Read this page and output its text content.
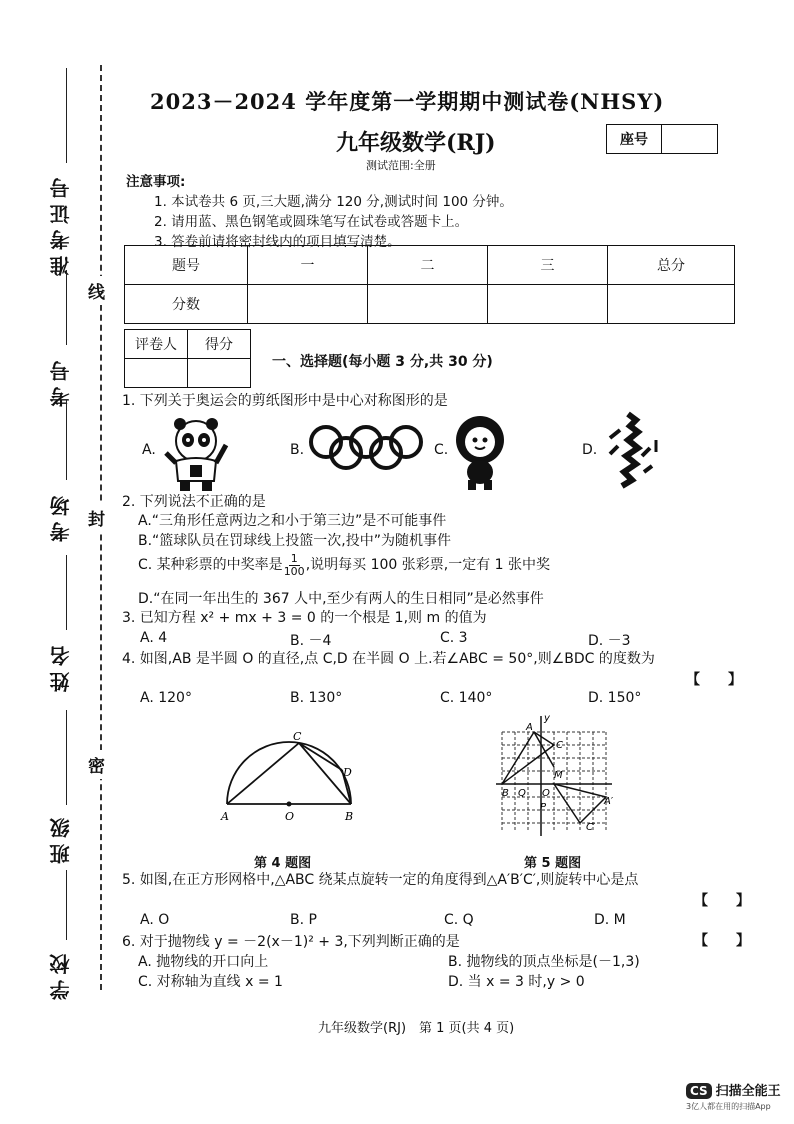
准考证号
考号
考场
姓名
班级
学校
线
封
密
2023－2024 学年度第一学期期中测试卷(NHSY)
九年级数学(RJ)
测试范围:全册
座号
注意事项:
1. 本试卷共 6 页,三大题,满分 120 分,测试时间 100 分钟。
2. 请用蓝、黑色钢笔或圆珠笔写在试卷或答题卡上。
3. 答卷前请将密封线内的项目填写清楚。
题号	一	二	三	总分
分数				
评卷人	得分

一、选择题(每小题 3 分,共 30 分)
1. 下列关于奥运会的剪纸图形中是中心对称图形的是
A.	B.	C.	D.
2. 下列说法不正确的是
A.“三角形任意两边之和小于第三边”是不可能事件
B.“篮球队员在罚球线上投篮一次,投中”为随机事件
C. 某种彩票的中奖率是 $\frac{1}{100}$ ,说明每买 100 张彩票,一定有 1 张中奖
D.“在同一年出生的 367 人中,至少有两人的生日相同”是必然事件
3. 已知方程 x² + mx + 3 = 0 的一个根是 1,则 m 的值为
A. 4	B. －4	C. 3	D. －3
4. 如图,AB 是半圆 O 的直径,点 C,D 在半圆 O 上.若∠ABC = 50°,则∠BDC 的度数为
【　　】
A. 120°	B. 130°	C. 140°	D. 150°
A	O	B
C
D
第 4 题图
y
A
C
B Q O
M
P
A′
C′
第 5 题图
5. 如图,在正方形网格中,△ABC 绕某点旋转一定的角度得到△A′B′C′,则旋转中心是点
【　　】
A. O	B. P	C. Q	D. M
6. 对于抛物线 y = －2(x－1)² + 3,下列判断正确的是	【　　】
A. 抛物线的开口向上	B. 抛物线的顶点坐标是(－1,3)
C. 对称轴为直线 x = 1	D. 当 x = 3 时,y > 0
九年级数学(RJ)　第 1 页(共 4 页)
CS 扫描全能王
3亿人都在用的扫描App
